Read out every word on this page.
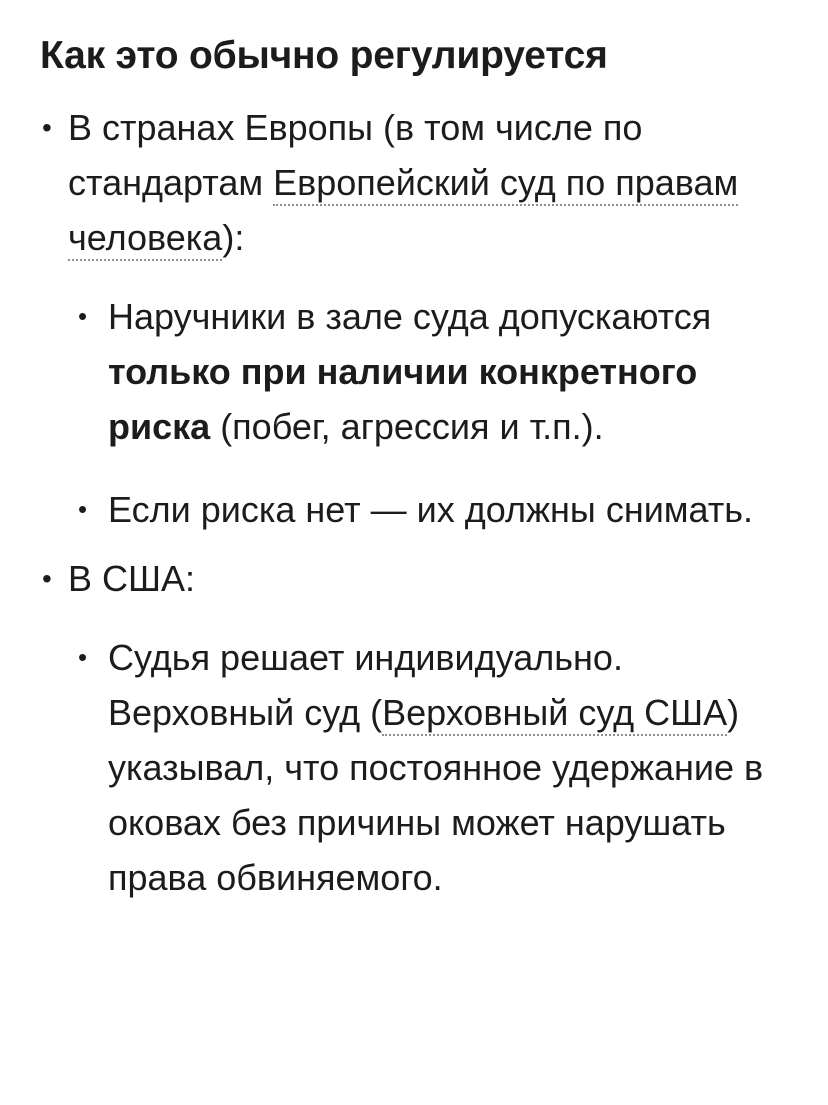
Как это обычно регулируется
• В странах Европы (в том числе по стандартам Европейский суд по правам человека):
• Наручники в зале суда допускаются только при наличии конкретного риска (побег, агрессия и т.п.).
• Если риска нет — их должны снимать.
• В США:
• Судья решает индивидуально. Верховный суд (Верховный суд США) указывал, что постоянное удержание в оковах без причины может нарушать права обвиняемого.
